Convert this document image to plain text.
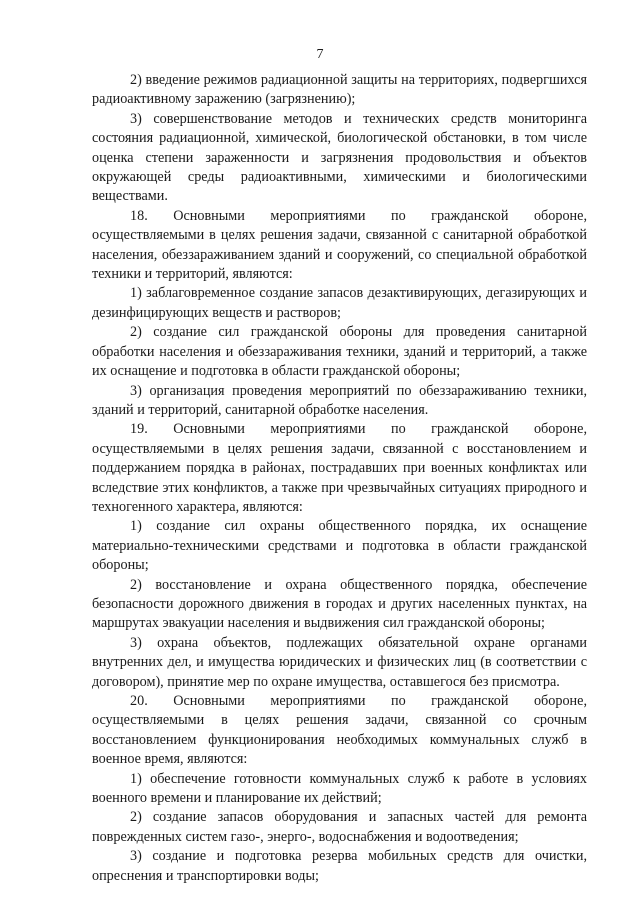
7

2) введение режимов радиационной защиты на территориях, подвергшихся радиоактивному заражению (загрязнению);

3) совершенствование методов и технических средств мониторинга состояния радиационной, химической, биологической обстановки, в том числе оценка степени зараженности и загрязнения продовольствия и объектов окружающей среды радиоактивными, химическими и биологическими веществами.

18. Основными мероприятиями по гражданской обороне, осуществляемыми в целях решения задачи, связанной с санитарной обработкой населения, обеззараживанием зданий и сооружений, со специальной обработкой техники и территорий, являются:

1) заблаговременное создание запасов дезактивирующих, дегазирующих и дезинфицирующих веществ и растворов;

2) создание сил гражданской обороны для проведения санитарной обработки населения и обеззараживания техники, зданий и территорий, а также их оснащение и подготовка в области гражданской обороны;

3) организация проведения мероприятий по обеззараживанию техники, зданий и территорий, санитарной обработке населения.

19. Основными мероприятиями по гражданской обороне, осуществляемыми в целях решения задачи, связанной с восстановлением и поддержанием порядка в районах, пострадавших при военных конфликтах или вследствие этих конфликтов, а также при чрезвычайных ситуациях природного и техногенного характера, являются:

1) создание сил охраны общественного порядка, их оснащение материально-техническими средствами и подготовка в области гражданской обороны;

2) восстановление и охрана общественного порядка, обеспечение безопасности дорожного движения в городах и других населенных пунктах, на маршрутах эвакуации населения и выдвижения сил гражданской обороны;

3) охрана объектов, подлежащих обязательной охране органами внутренних дел, и имущества юридических и физических лиц (в соответствии с договором), принятие мер по охране имущества, оставшегося без присмотра.

20. Основными мероприятиями по гражданской обороне, осуществляемыми в целях решения задачи, связанной со срочным восстановлением функционирования необходимых коммунальных служб в военное время, являются:

1) обеспечение готовности коммунальных служб к работе в условиях военного времени и планирование их действий;

2) создание запасов оборудования и запасных частей для ремонта поврежденных систем газо-, энерго-, водоснабжения и водоотведения;

3) создание и подготовка резерва мобильных средств для очистки, опреснения и транспортировки воды;
